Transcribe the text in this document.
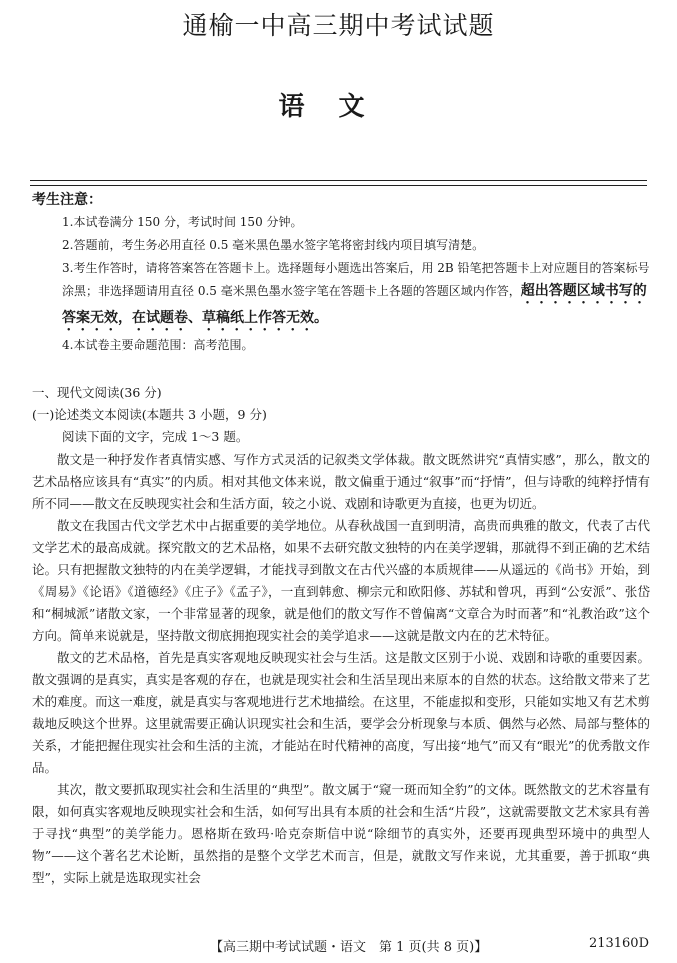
通榆一中高三期中考试试题
语文
考生注意：
1.本试卷满分 150 分，考试时间 150 分钟。
2.答题前，考生务必用直径 0.5 毫米黑色墨水签字笔将密封线内项目填写清楚。
3.考生作答时，请将答案答在答题卡上。选择题每小题选出答案后，用 2B 铅笔把答题卡上对应题目的答案标号涂黑；非选择题请用直径 0.5 毫米黑色墨水签字笔在答题卡上各题的答题区域内作答，超出答题区域书写的答案无效，在试题卷、草稿纸上作答无效。
4.本试卷主要命题范围：高考范围。
一、现代文阅读(36 分)
(一)论述类文本阅读(本题共 3 小题，9 分)
阅读下面的文字，完成 1～3 题。

散文是一种抒发作者真情实感、写作方式灵活的记叙类文学体裁。散文既然讲究“真情实感”，那么，散文的艺术品格应该具有“真实”的内质。相对其他文体来说，散文偏重于通过“叙事”而“抒情”，但与诗歌的纯粹抒情有所不同——散文在反映现实社会和生活方面，较之小说、戏剧和诗歌更为直接，也更为切近。

散文在我国古代文学艺术中占据重要的美学地位。从春秋战国一直到明清，高贵而典雅的散文，代表了古代文学艺术的最高成就。探究散文的艺术品格，如果不去研究散文独特的内在美学逻辑，那就得不到正确的艺术结论。只有把握散文独特的内在美学逻辑，才能找寻到散文在古代兴盛的本质规律——从遥远的《尚书》开始，到《周易》《论语》《道德经》《庄子》《孟子》，一直到韩愈、柳宗元和欧阳修、苏轼和曾巩，再到“公安派”、张岱和“桐城派”诸散文家，一个非常显著的现象，就是他们的散文写作不曾偏离“文章合为时而著”和“礼教治政”这个方向。简单来说就是，坚持散文彻底拥抱现实社会的美学追求——这就是散文内在的艺术特征。

散文的艺术品格，首先是真实客观地反映现实社会与生活。这是散文区别于小说、戏剧和诗歌的重要因素。散文强调的是真实，真实是客观的存在，也就是现实社会和生活呈现出来原本的自然的状态。这给散文带来了艺术的难度。而这一难度，就是真实与客观地进行艺术地描绘。在这里，不能虚拟和变形，只能如实地又有艺术剪裁地反映这个世界。这里就需要正确认识现实社会和生活，要学会分析现象与本质、偶然与必然、局部与整体的关系，才能把握住现实社会和生活的主流，才能站在时代精神的高度，写出接“地气”而又有“眼光”的优秀散文作品。

其次，散文要抓取现实社会和生活里的“典型”。散文属于“窥一斑而知全豹”的文体。既然散文的艺术容量有限，如何真实客观地反映现实社会和生活，如何写出具有本质的社会和生活“片段”，这就需要散文艺术家具有善于寻找“典型”的美学能力。恩格斯在致玛·哈克奈斯信中说“除细节的真实外，还要再现典型环境中的典型人物”——这个著名艺术论断，虽然指的是整个文学艺术而言，但是，就散文写作来说，尤其重要，善于抓取“典型”，实际上就是选取现实社会

【高三期中考试试题・语文　第 1 页(共 8 页)】	213160D
